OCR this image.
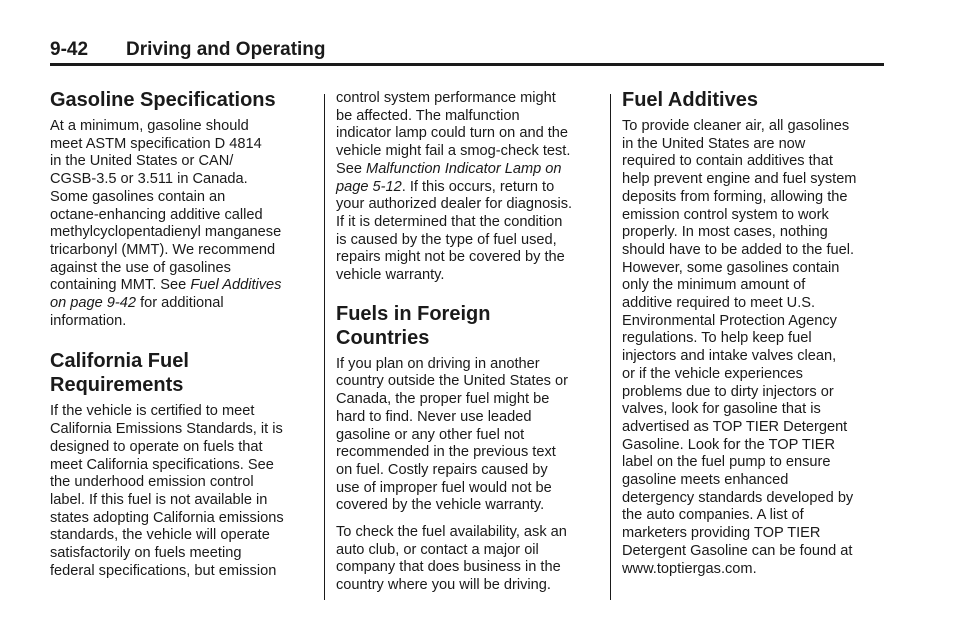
9-42 Driving and Operating
Gasoline Specifications

At a minimum, gasoline should
meet ASTM specification D 4814
in the United States or CAN/
CGSB-3.5 or 3.511 in Canada.
Some gasolines contain an
octane-enhancing additive called
methylcyclopentadienyl manganese
tricarbonyl (MMT). We recommend
against the use of gasolines
containing MMT. See Fuel Additives
on page 9-42 for additional
information.

California Fuel
Requirements

If the vehicle is certified to meet
California Emissions Standards, it is
designed to operate on fuels that
meet California specifications. See
the underhood emission control
label. If this fuel is not available in
states adopting California emissions
standards, the vehicle will operate
satisfactorily on fuels meeting
federal specifications, but emission

control system performance might
be affected. The malfunction
indicator lamp could turn on and the
vehicle might fail a smog-check test.
See Malfunction Indicator Lamp on
page 5-12. If this occurs, return to
your authorized dealer for diagnosis.
If it is determined that the condition
is caused by the type of fuel used,
repairs might not be covered by the
vehicle warranty.

Fuels in Foreign
Countries

If you plan on driving in another
country outside the United States or
Canada, the proper fuel might be
hard to find. Never use leaded
gasoline or any other fuel not
recommended in the previous text
on fuel. Costly repairs caused by
use of improper fuel would not be
covered by the vehicle warranty.

To check the fuel availability, ask an
auto club, or contact a major oil
company that does business in the
country where you will be driving.

Fuel Additives

To provide cleaner air, all gasolines
in the United States are now
required to contain additives that
help prevent engine and fuel system
deposits from forming, allowing the
emission control system to work
properly. In most cases, nothing
should have to be added to the fuel.
However, some gasolines contain
only the minimum amount of
additive required to meet U.S.
Environmental Protection Agency
regulations. To help keep fuel
injectors and intake valves clean,
or if the vehicle experiences
problems due to dirty injectors or
valves, look for gasoline that is
advertised as TOP TIER Detergent
Gasoline. Look for the TOP TIER
label on the fuel pump to ensure
gasoline meets enhanced
detergency standards developed by
the auto companies. A list of
marketers providing TOP TIER
Detergent Gasoline can be found at
www.toptiergas.com.
